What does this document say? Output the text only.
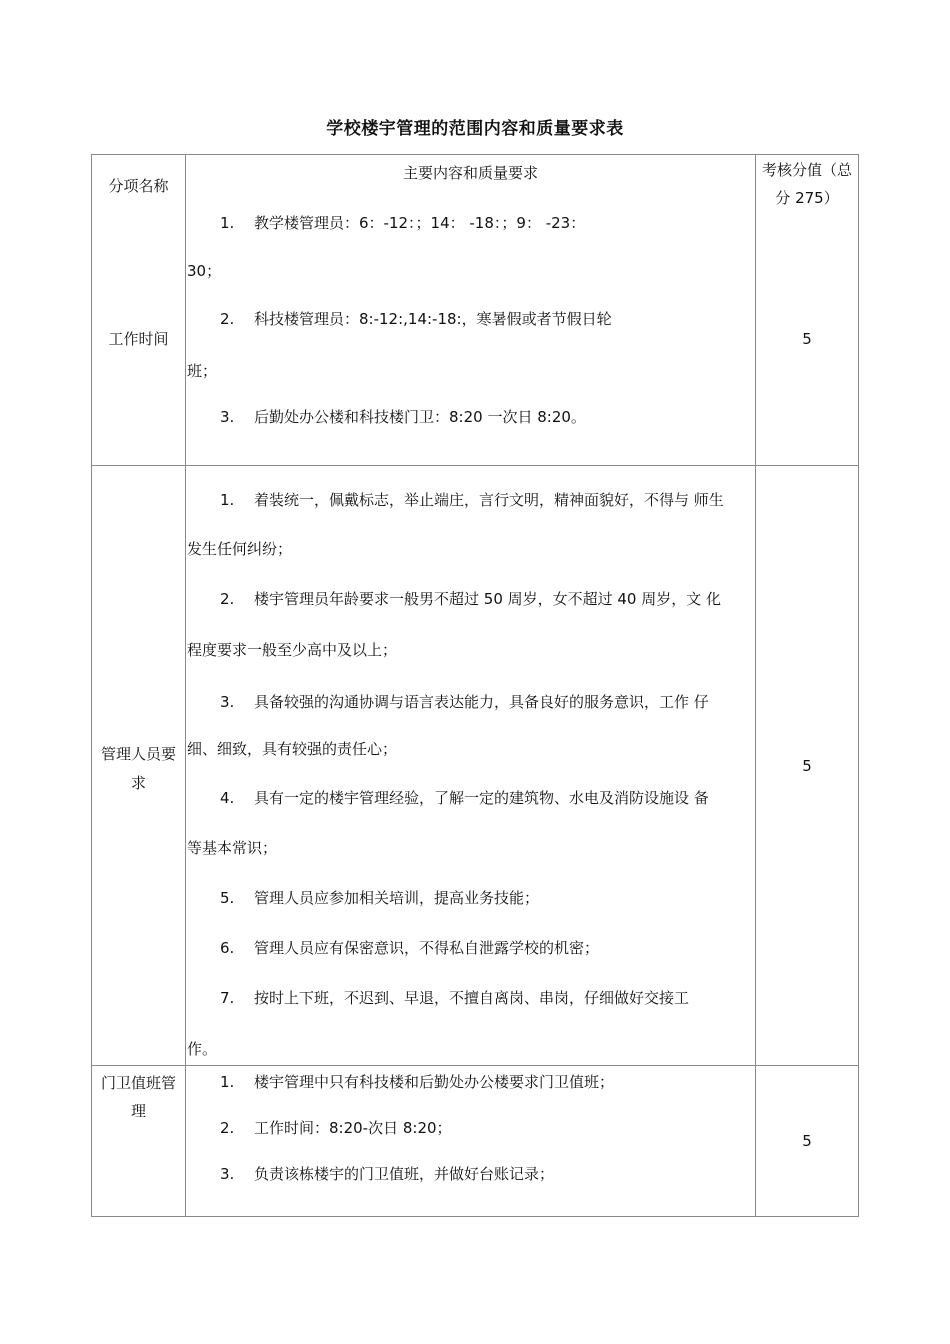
学校楼宇管理的范围内容和质量要求表
分项名称
主要内容和质量要求	考核分值（总
分 275）
工作时间
1. 教学楼管理员：6：-12：；14： -18：；9： -23：
30；
2. 科技楼管理员：8:-12:,14:-18:，寒暑假或者节假日轮
班；
3. 后勤处办公楼和科技楼门卫：8:20 一次日 8:20。
5
管理人员要
求
1. 着装统一，佩戴标志，举止端庄，言行文明，精神面貌好，不得与 师生
发生任何纠纷；
2. 楼宇管理员年龄要求一般男不超过 50 周岁，女不超过 40 周岁，文 化
程度要求一般至少高中及以上；
3. 具备较强的沟通协调与语言表达能力，具备良好的服务意识，工作 仔
细、细致，具有较强的责任心；
4. 具有一定的楼宇管理经验，了解一定的建筑物、水电及消防设施设 备
等基本常识；
5. 管理人员应参加相关培训，提高业务技能；
6. 管理人员应有保密意识，不得私自泄露学校的机密；
7. 按时上下班，不迟到、早退，不擅自离岗、串岗，仔细做好交接工
作。
5
门卫值班管
理
1. 楼宇管理中只有科技楼和后勤处办公楼要求门卫值班；
2. 工作时间：8:20-次日 8:20；
3. 负责该栋楼宇的门卫值班，并做好台账记录；
5
